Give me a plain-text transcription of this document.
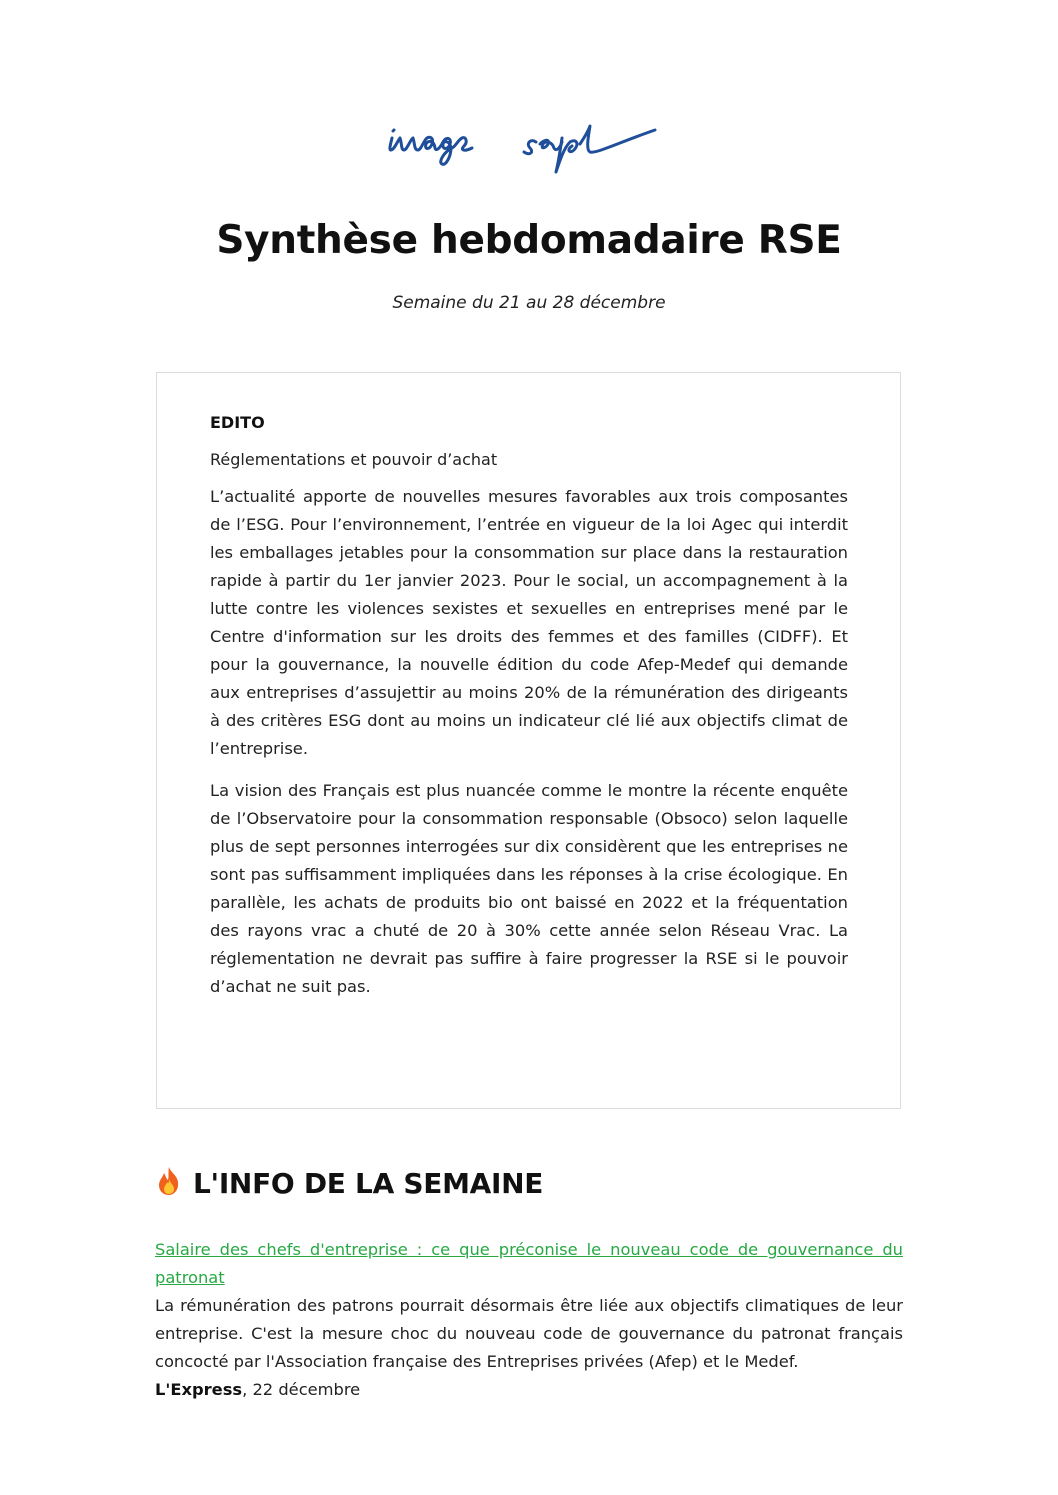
Synthèse hebdomadaire RSE
Semaine du 21 au 28 décembre

EDITO

Réglementations et pouvoir d’achat

L’actualité apporte de nouvelles mesures favorables aux trois composantes de l’ESG. Pour l’environnement, l’entrée en vigueur de la loi Agec qui interdit les emballages jetables pour la consommation sur place dans la restauration rapide à partir du 1er janvier 2023. Pour le social, un accompagnement à la lutte contre les violences sexistes et sexuelles en entreprises mené par le Centre d'information sur les droits des femmes et des familles (CIDFF). Et pour la gouvernance, la nouvelle édition du code Afep-Medef qui demande aux entreprises d’assujettir au moins 20% de la rémunération des dirigeants à des critères ESG dont au moins un indicateur clé lié aux objectifs climat de l’entreprise.

La vision des Français est plus nuancée comme le montre la récente enquête de l’Observatoire pour la consommation responsable (Obsoco) selon laquelle plus de sept personnes interrogées sur dix considèrent que les entreprises ne sont pas suffisamment impliquées dans les réponses à la crise écologique. En parallèle, les achats de produits bio ont baissé en 2022 et la fréquentation des rayons vrac a chuté de 20 à 30% cette année selon Réseau Vrac. La réglementation ne devrait pas suffire à faire progresser la RSE si le pouvoir d’achat ne suit pas.

L'INFO DE LA SEMAINE
Salaire des chefs d'entreprise : ce que préconise le nouveau code de gouvernance du patronat

La rémunération des patrons pourrait désormais être liée aux objectifs climatiques de leur entreprise. C'est la mesure choc du nouveau code de gouvernance du patronat français concocté par l'Association française des Entreprises privées (Afep) et le Medef.

L'Express, 22 décembre
